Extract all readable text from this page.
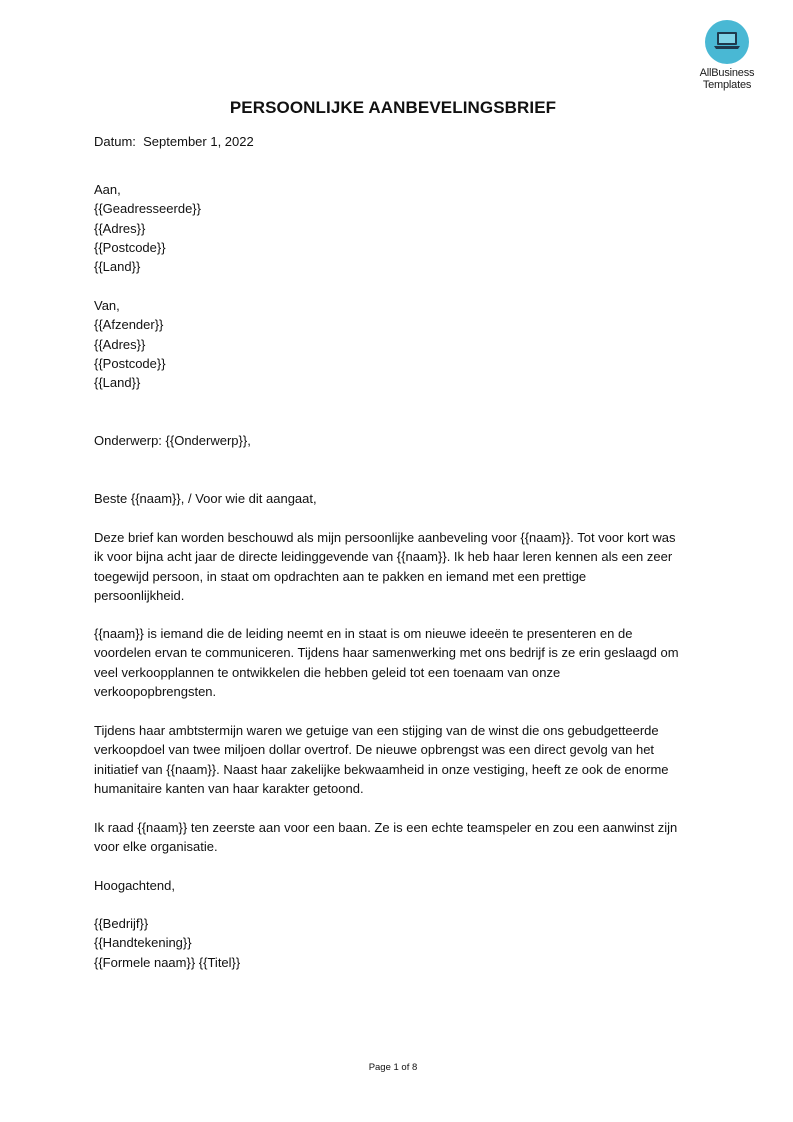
AllBusiness
Templates
PERSOONLIJKE AANBEVELINGSBRIEF
Datum: September 1, 2022
Aan,
{{Geadresseerde}}
{{Adres}}
{{Postcode}}
{{Land}}
Van,
{{Afzender}}
{{Adres}}
{{Postcode}}
{{Land}}
Onderwerp: {{Onderwerp}},
Beste {{naam}}, / Voor wie dit aangaat,
Deze brief kan worden beschouwd als mijn persoonlijke aanbeveling voor {{naam}}. Tot voor kort was
ik voor bijna acht jaar de directe leidinggevende van {{naam}}. Ik heb haar leren kennen als een zeer
toegewijd persoon, in staat om opdrachten aan te pakken en iemand met een prettige
persoonlijkheid.
{{naam}} is iemand die de leiding neemt en in staat is om nieuwe ideeën te presenteren en de
voordelen ervan te communiceren. Tijdens haar samenwerking met ons bedrijf is ze erin geslaagd om
veel verkoopplannen te ontwikkelen die hebben geleid tot een toenaam van onze
verkoopopbrengsten.
Tijdens haar ambtstermijn waren we getuige van een stijging van de winst die ons gebudgetteerde
verkoopdoel van twee miljoen dollar overtrof. De nieuwe opbrengst was een direct gevolg van het
initiatief van {{naam}}. Naast haar zakelijke bekwaamheid in onze vestiging, heeft ze ook de enorme
humanitaire kanten van haar karakter getoond.
Ik raad {{naam}} ten zeerste aan voor een baan. Ze is een echte teamspeler en zou een aanwinst zijn
voor elke organisatie.
Hoogachtend,
{{Bedrijf}}
{{Handtekening}}
{{Formele naam}} {{Titel}}
Page 1 of 8
